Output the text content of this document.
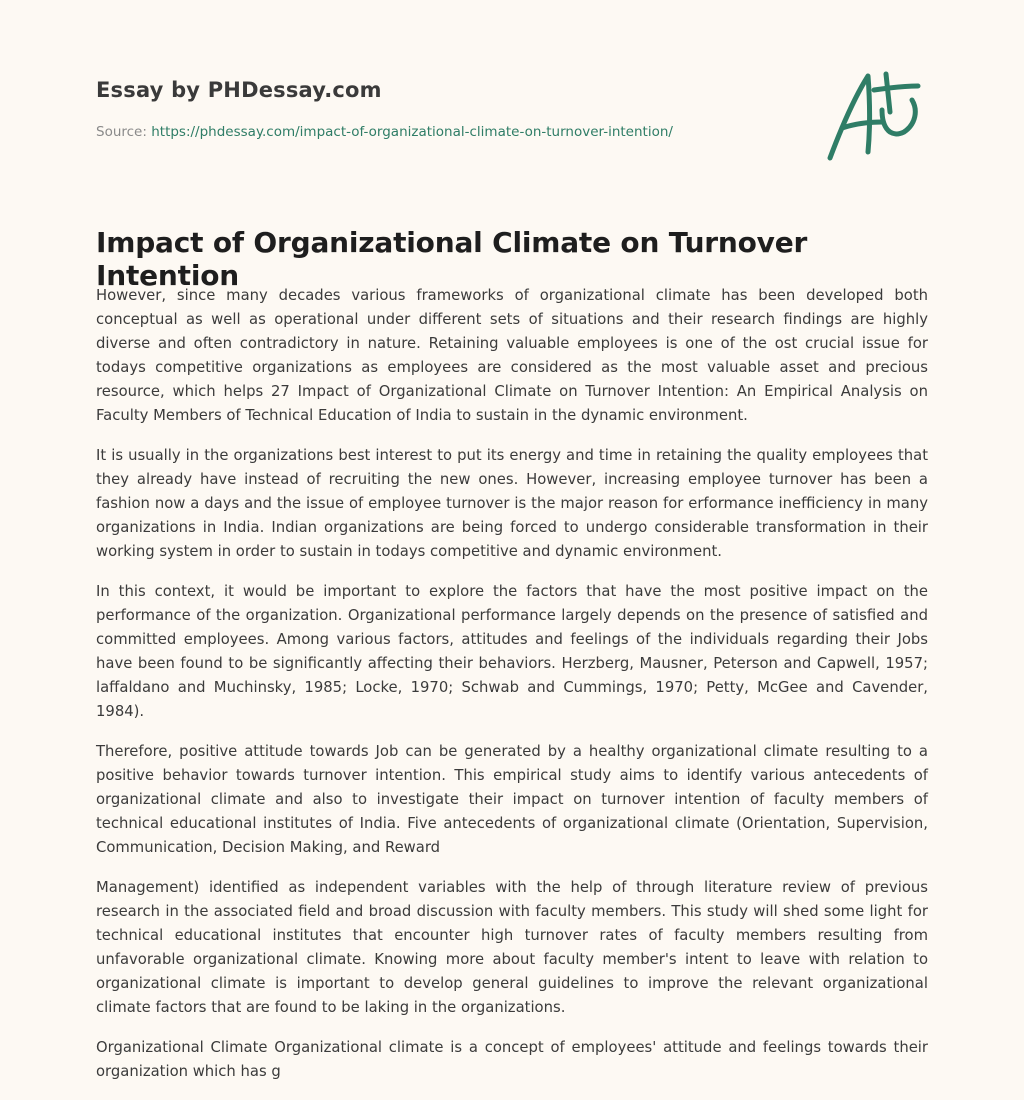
Essay by PHDessay.com
Source: https://phdessay.com/impact-of-organizational-climate-on-turnover-intention/
Impact of Organizational Climate on Turnover Intention

However, since many decades various frameworks of organizational climate has been developed both conceptual as well as operational under different sets of situations and their research findings are highly diverse and often contradictory in nature. Retaining valuable employees is one of the ost crucial issue for todays competitive organizations as employees are considered as the most valuable asset and precious resource, which helps 27 Impact of Organizational Climate on Turnover Intention: An Empirical Analysis on Faculty Members of Technical Education of India to sustain in the dynamic environment.

It is usually in the organizations best interest to put its energy and time in retaining the quality employees that they already have instead of recruiting the new ones. However, increasing employee turnover has been a fashion now a days and the issue of employee turnover is the major reason for erformance inefficiency in many organizations in India. Indian organizations are being forced to undergo considerable transformation in their working system in order to sustain in todays competitive and dynamic environment.

In this context, it would be important to explore the factors that have the most positive impact on the performance of the organization. Organizational performance largely depends on the presence of satisfied and committed employees. Among various factors, attitudes and feelings of the individuals regarding their Jobs have been found to be significantly affecting their behaviors. Herzberg, Mausner, Peterson and Capwell, 1957; laffaldano and Muchinsky, 1985; Locke, 1970; Schwab and Cummings, 1970; Petty, McGee and Cavender, 1984).

Therefore, positive attitude towards Job can be generated by a healthy organizational climate resulting to a positive behavior towards turnover intention. This empirical study aims to identify various antecedents of organizational climate and also to investigate their impact on turnover intention of faculty members of technical educational institutes of India. Five antecedents of organizational climate (Orientation, Supervision, Communication, Decision Making, and Reward

Management) identified as independent variables with the help of through literature review of previous research in the associated field and broad discussion with faculty members. This study will shed some light for technical educational institutes that encounter high turnover rates of faculty members resulting from unfavorable organizational climate. Knowing more about faculty member's intent to leave with relation to organizational climate is important to develop general guidelines to improve the relevant organizational climate factors that are found to be laking in the organizations.

Organizational Climate Organizational climate is a concept of employees' attitude and feelings towards their organization which has g
